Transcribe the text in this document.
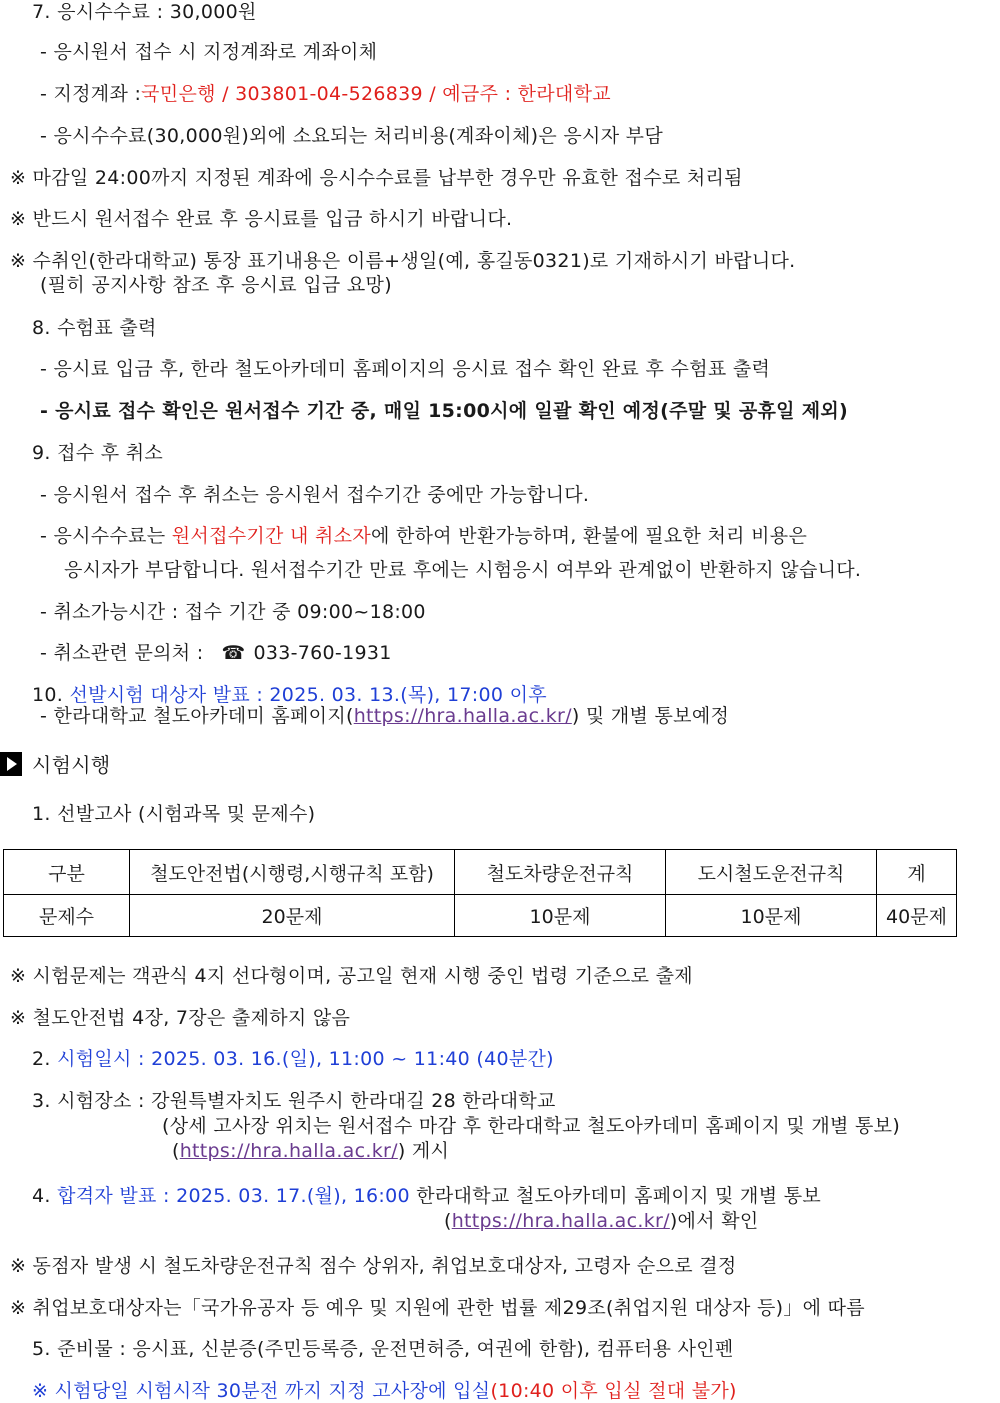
7. 응시수수료 : 30,000원
- 응시원서 접수 시 지정계좌로 계좌이체
- 지정계좌 :국민은행 / 303801-04-526839 / 예금주 : 한라대학교
- 응시수수료(30,000원)외에 소요되는 처리비용(계좌이체)은 응시자 부담
※ 마감일 24:00까지 지정된 계좌에 응시수수료를 납부한 경우만 유효한 접수로 처리됨
※ 반드시 원서접수 완료 후 응시료를 입금 하시기 바랍니다.
※ 수취인(한라대학교) 통장 표기내용은 이름+생일(예, 홍길동0321)로 기재하시기 바랍니다.
(필히 공지사항 참조 후 응시료 입금 요망)
8. 수험표 출력
- 응시료 입금 후, 한라 철도아카데미 홈페이지의 응시료 접수 확인 완료 후 수험표 출력
- 응시료 접수 확인은 원서접수 기간 중, 매일 15:00시에 일괄 확인 예정(주말 및 공휴일 제외)
9. 접수 후 취소
- 응시원서 접수 후 취소는 응시원서 접수기간 중에만 가능합니다.
- 응시수수료는 원서접수기간 내 취소자에 한하여 반환가능하며, 환불에 필요한 처리 비용은
응시자가 부담합니다. 원서접수기간 만료 후에는 시험응시 여부와 관계없이 반환하지 않습니다.
- 취소가능시간 : 접수 기간 중 09:00~18:00
- 취소관련 문의처 : ☎ 033-760-1931
10. 선발시험 대상자 발표 : 2025. 03. 13.(목), 17:00 이후
- 한라대학교 철도아카데미 홈페이지(https://hra.halla.ac.kr/) 및 개별 통보예정
시험시행
1. 선발고사 (시험과목 및 문제수)
구분	철도안전법(시행령,시행규칙 포함)	철도차량운전규칙	도시철도운전규칙	계
문제수	20문제	10문제	10문제	40문제
※ 시험문제는 객관식 4지 선다형이며, 공고일 현재 시행 중인 법령 기준으로 출제
※ 철도안전법 4장, 7장은 출제하지 않음
2. 시험일시 : 2025. 03. 16.(일), 11:00 ~ 11:40 (40분간)
3. 시험장소 : 강원특별자치도 원주시 한라대길 28 한라대학교
(상세 고사장 위치는 원서접수 마감 후 한라대학교 철도아카데미 홈페이지 및 개별 통보)
(https://hra.halla.ac.kr/) 게시
4. 합격자 발표 : 2025. 03. 17.(월), 16:00 한라대학교 철도아카데미 홈페이지 및 개별 통보
(https://hra.halla.ac.kr/)에서 확인
※ 동점자 발생 시 철도차량운전규칙 점수 상위자, 취업보호대상자, 고령자 순으로 결정
※ 취업보호대상자는「국가유공자 등 예우 및 지원에 관한 법률 제29조(취업지원 대상자 등)」에 따름
5. 준비물 : 응시표, 신분증(주민등록증, 운전면허증, 여권에 한함), 컴퓨터용 사인펜
※ 시험당일 시험시작 30분전 까지 지정 고사장에 입실(10:40 이후 입실 절대 불가)
